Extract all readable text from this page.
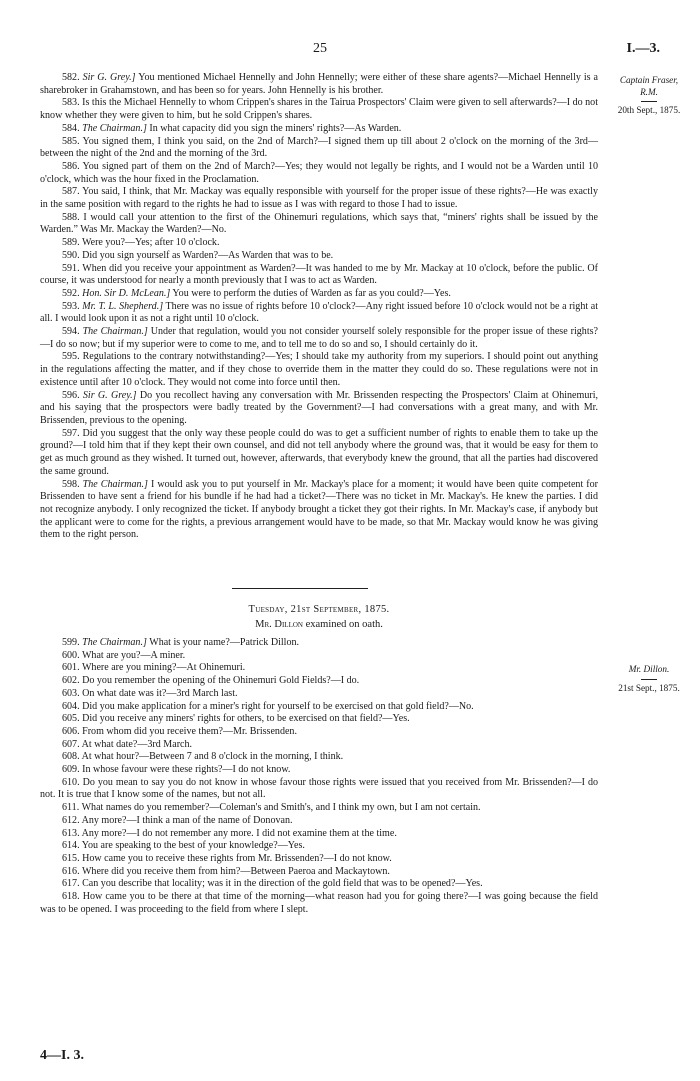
25	I.—3.
Captain Fraser,
R.M.
20th Sept., 1875.

582. Sir G. Grey.] You mentioned Michael Hennelly and John Hennelly; were either of these share agents?—Michael Hennelly is a sharebroker in Grahamstown, and has been so for years. John Hennelly is his brother.

583. Is this the Michael Hennelly to whom Crippen's shares in the Tairua Prospectors' Claim were given to sell afterwards?—I do not know whether they were given to him, but he sold Crippen's shares.

584. The Chairman.] In what capacity did you sign the miners' rights?—As Warden.

585. You signed them, I think you said, on the 2nd of March?—I signed them up till about 2 o'clock on the morning of the 3rd—between the night of the 2nd and the morning of the 3rd.

586. You signed part of them on the 2nd of March?—Yes; they would not legally be rights, and I would not be a Warden until 10 o'clock, which was the hour fixed in the Proclamation.

587. You said, I think, that Mr. Mackay was equally responsible with yourself for the proper issue of these rights?—He was exactly in the same position with regard to the rights he had to issue as I was with regard to those I had to issue.

588. I would call your attention to the first of the Ohinemuri regulations, which says that, “miners' rights shall be issued by the Warden.” Was Mr. Mackay the Warden?—No.

589. Were you?—Yes; after 10 o'clock.

590. Did you sign yourself as Warden?—As Warden that was to be.

591. When did you receive your appointment as Warden?—It was handed to me by Mr. Mackay at 10 o'clock, before the public. Of course, it was understood for nearly a month previously that I was to act as Warden.

592. Hon. Sir D. McLean.] You were to perform the duties of Warden as far as you could?—Yes.

593. Mr. T. L. Shepherd.] There was no issue of rights before 10 o'clock?—Any right issued before 10 o'clock would not be a right at all. I would look upon it as not a right until 10 o'clock.

594. The Chairman.] Under that regulation, would you not consider yourself solely responsible for the proper issue of these rights?—I do so now; but if my superior were to come to me, and to tell me to do so and so, I should certainly do it.

595. Regulations to the contrary notwithstanding?—Yes; I should take my authority from my superiors. I should point out anything in the regulations affecting the matter, and if they chose to override them in the matter they could do so. These regulations were not in existence until after 10 o'clock. They would not come into force until then.

596. Sir G. Grey.] Do you recollect having any conversation with Mr. Brissenden respecting the Prospectors' Claim at Ohinemuri, and his saying that the prospectors were badly treated by the Government?—I had conversations with a great many, and with Mr. Brissenden, previous to the opening.

597. Did you suggest that the only way these people could do was to get a sufficient number of rights to enable them to take up the ground?—I told him that if they kept their own counsel, and did not tell anybody where the ground was, that it would be easy for them to get as much ground as they wished. It turned out, however, afterwards, that everybody knew the ground, that all the parties had discovered the same ground.

598. The Chairman.] I would ask you to put yourself in Mr. Mackay's place for a moment; it would have been quite competent for Brissenden to have sent a friend for his bundle if he had had a ticket?—There was no ticket in Mr. Mackay's. He knew the parties. I did not recognize anybody. I only recognized the ticket. If anybody brought a ticket they got their rights. In Mr. Mackay's case, if anybody but the applicant were to come for the rights, a previous arrangement would have to be made, so that Mr. Mackay would know he was giving them to the right person.

Tuesday, 21st September, 1875.
Mr. Dillon examined on oath.
Mr. Dillon.
21st Sept., 1875.

599. The Chairman.] What is your name?—Patrick Dillon.

600. What are you?—A miner.

601. Where are you mining?—At Ohinemuri.

602. Do you remember the opening of the Ohinemuri Gold Fields?—I do.

603. On what date was it?—3rd March last.

604. Did you make application for a miner's right for yourself to be exercised on that gold field?—No.

605. Did you receive any miners' rights for others, to be exercised on that field?—Yes.

606. From whom did you receive them?—Mr. Brissenden.

607. At what date?—3rd March.

608. At what hour?—Between 7 and 8 o'clock in the morning, I think.

609. In whose favour were these rights?—I do not know.

610. Do you mean to say you do not know in whose favour those rights were issued that you received from Mr. Brissenden?—I do not. It is true that I know some of the names, but not all.

611. What names do you remember?—Coleman's and Smith's, and I think my own, but I am not certain.

612. Any more?—I think a man of the name of Donovan.

613. Any more?—I do not remember any more. I did not examine them at the time.

614. You are speaking to the best of your knowledge?—Yes.

615. How came you to receive these rights from Mr. Brissenden?—I do not know.

616. Where did you receive them from him?—Between Paeroa and Mackaytown.

617. Can you describe that locality; was it in the direction of the gold field that was to be opened?—Yes.

618. How came you to be there at that time of the morning—what reason had you for going there?—I was going because the field was to be opened. I was proceeding to the field from where I slept.

4—I. 3.
